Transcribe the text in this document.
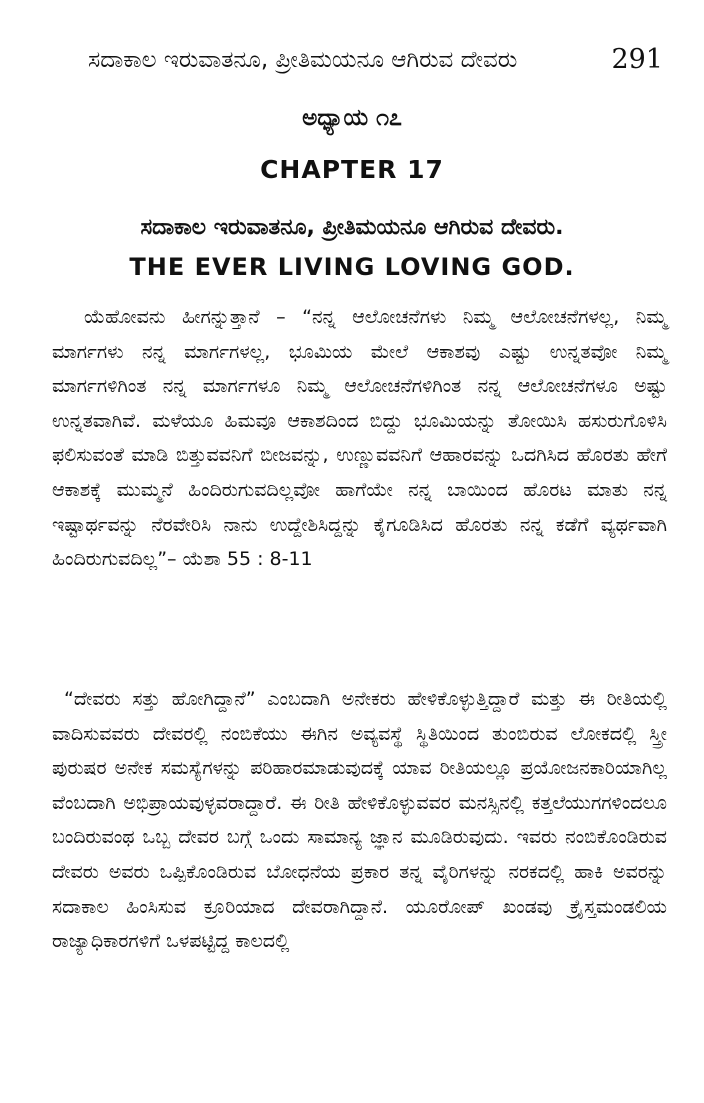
ಸದಾಕಾಲ ಇರುವಾತನೂ, ಪ್ರೀತಿಮಯನೂ ಆಗಿರುವ ದೇವರು	291
ಅಧ್ಯಾಯ ೧೭
CHAPTER 17
ಸದಾಕಾಲ ಇರುವಾತನೂ, ಪ್ರೀತಿಮಯನೂ ಆಗಿರುವ ದೇವರು.
THE EVER LIVING LOVING GOD.

ಯೆಹೋವನು ಹೀಗನ್ನುತ್ತಾನೆ – “ನನ್ನ ಆಲೋಚನೆಗಳು ನಿಮ್ಮ ಆಲೋಚನೆಗಳಲ್ಲ, ನಿಮ್ಮ ಮಾರ್ಗಗಳು ನನ್ನ ಮಾರ್ಗಗಳಲ್ಲ, ಭೂಮಿಯ ಮೇಲೆ ಆಕಾಶವು ಎಷ್ಟು ಉನ್ನತವೋ ನಿಮ್ಮ ಮಾರ್ಗಗಳಿಗಿಂತ ನನ್ನ ಮಾರ್ಗಗಳೂ ನಿಮ್ಮ ಆಲೋಚನೆಗಳಿಗಿಂತ ನನ್ನ ಆಲೋಚನೆಗಳೂ ಅಷ್ಟು ಉನ್ನತವಾಗಿವೆ. ಮಳೆಯೂ ಹಿಮವೂ ಆಕಾಶದಿಂದ ಬಿದ್ದು ಭೂಮಿಯನ್ನು ತೋಯಿಸಿ ಹಸುರುಗೊಳಿಸಿ ಫಲಿಸುವಂತೆ ಮಾಡಿ ಬಿತ್ತುವವನಿಗೆ ಬೀಜವನ್ನು, ಉಣ್ಣುವವನಿಗೆ ಆಹಾರವನ್ನು ಒದಗಿಸಿದ ಹೊರತು ಹೇಗೆ ಆಕಾಶಕ್ಕೆ ಮುಮ್ಮನೆ ಹಿಂದಿರುಗುವದಿಲ್ಲವೋ ಹಾಗೆಯೇ ನನ್ನ ಬಾಯಿಂದ ಹೊರಟ ಮಾತು ನನ್ನ ಇಷ್ಟಾರ್ಥವನ್ನು ನೆರವೇರಿಸಿ ನಾನು ಉದ್ದೇಶಿಸಿದ್ದನ್ನು ಕೈಗೂಡಿಸಿದ ಹೊರತು ನನ್ನ ಕಡೆಗೆ ವ್ಯರ್ಥವಾಗಿ ಹಿಂದಿರುಗುವದಿಲ್ಲ”– ಯೆಶಾ 55 : 8-11

“ದೇವರು ಸತ್ತು ಹೋಗಿದ್ದಾನೆ” ಎಂಬದಾಗಿ ಅನೇಕರು ಹೇಳಿಕೊಳ್ಳುತ್ತಿದ್ದಾರೆ ಮತ್ತು ಈ ರೀತಿಯಲ್ಲಿ ವಾದಿಸುವವರು ದೇವರಲ್ಲಿ ನಂಬಿಕೆಯು ಈಗಿನ ಅವ್ಯವಸ್ಥೆ ಸ್ಥಿತಿಯಿಂದ ತುಂಬಿರುವ ಲೋಕದಲ್ಲಿ ಸ್ತ್ರೀ ಪುರುಷರ ಅನೇಕ ಸಮಸ್ಯೆಗಳನ್ನು ಪರಿಹಾರಮಾಡುವುದಕ್ಕೆ ಯಾವ ರೀತಿಯಲ್ಲೂ ಪ್ರಯೋಜನಕಾರಿಯಾಗಿಲ್ಲ ವೆಂಬದಾಗಿ ಅಭಿಪ್ರಾಯವುಳ್ಳವರಾದ್ದಾರೆ. ಈ ರೀತಿ ಹೇಳಿಕೊಳ್ಳುವವರ ಮನಸ್ಸಿನಲ್ಲಿ ಕತ್ತಲೆಯುಗಗಳಿಂದಲೂ ಬಂದಿರುವಂಥ ಒಬ್ಬ ದೇವರ ಬಗ್ಗೆ ಒಂದು ಸಾಮಾನ್ಯ ಜ್ಞಾನ ಮೂಡಿರುವುದು. ಇವರು ನಂಬಿಕೊಂಡಿರುವ ದೇವರು ಅವರು ಒಪ್ಪಿಕೊಂಡಿರುವ ಬೋಧನೆಯ ಪ್ರಕಾರ ತನ್ನ ವೈರಿಗಳನ್ನು ನರಕದಲ್ಲಿ ಹಾಕಿ ಅವರನ್ನು ಸದಾಕಾಲ ಹಿಂಸಿಸುವ ಕ್ರೂರಿಯಾದ ದೇವರಾಗಿದ್ದಾನೆ. ಯೂರೋಪ್ ಖಂಡವು ಕ್ರೈಸ್ತಮಂಡಲಿಯ ರಾಜ್ಯಾಧಿಕಾರಗಳಿಗೆ ಒಳಪಟ್ಟಿದ್ದ ಕಾಲದಲ್ಲಿ
